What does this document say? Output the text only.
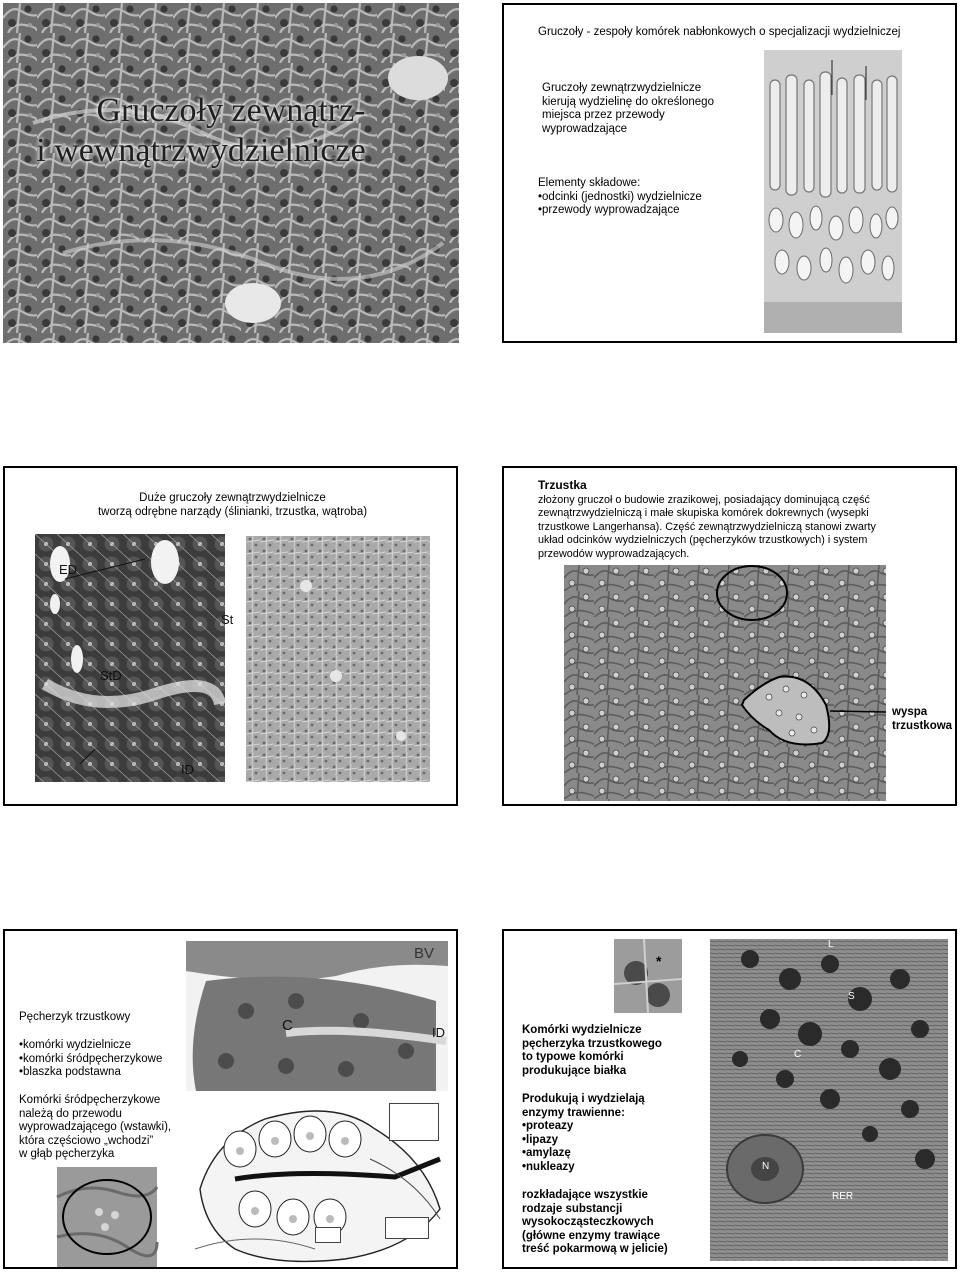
Gruczoły zewnątrz-
i wewnątrzwydzielnicze
Gruczoły - zespoły komórek nabłonkowych o specjalizacji wydzielniczej
Gruczoły zewnątrzwydzielnicze
kierują wydzielinę do określonego
miejsca przez przewody
wyprowadzające
Elementy składowe:
• odcinki (jednostki) wydzielnicze
• przewody wyprowadzające
Duże gruczoły zewnątrzwydzielnicze
tworzą odrębne narządy (ślinianki, trzustka, wątroba)
ED
St
StD
ID
Trzustka
złożony gruczoł o budowie zrazikowej, posiadający dominującą część
zewnątrzwydzielniczą i małe skupiska komórek dokrewnych (wysepki
trzustkowe Langerhansa). Część zewnątrzwydzielniczą stanowi zwarty
układ odcinków wydzielniczych (pęcherzyków trzustkowych) i system
przewodów wyprowadzających.
wyspa
trzustkowa
BV
C	ID
Pęcherzyk trzustkowy
• komórki wydzielnicze
• komórki śródpęcherzykowe
• blaszka podstawna
Komórki śródpęcherzykowe
należą do przewodu
wyprowadzającego (wstawki),
która częściowo „wchodzi”
w głąb pęcherzyka
*
L
S
C
N
RER
Komórki wydzielnicze
pęcherzyka trzustkowego
to typowe komórki
produkujące białka
Produkują i wydzielają
enzymy trawienne:
• proteazy
• lipazy
• amylazę
• nukleazy
rozkładające wszystkie
rodzaje substancji
wysokocząsteczkowych
(główne enzymy trawiące
treść pokarmową w jelicie)
